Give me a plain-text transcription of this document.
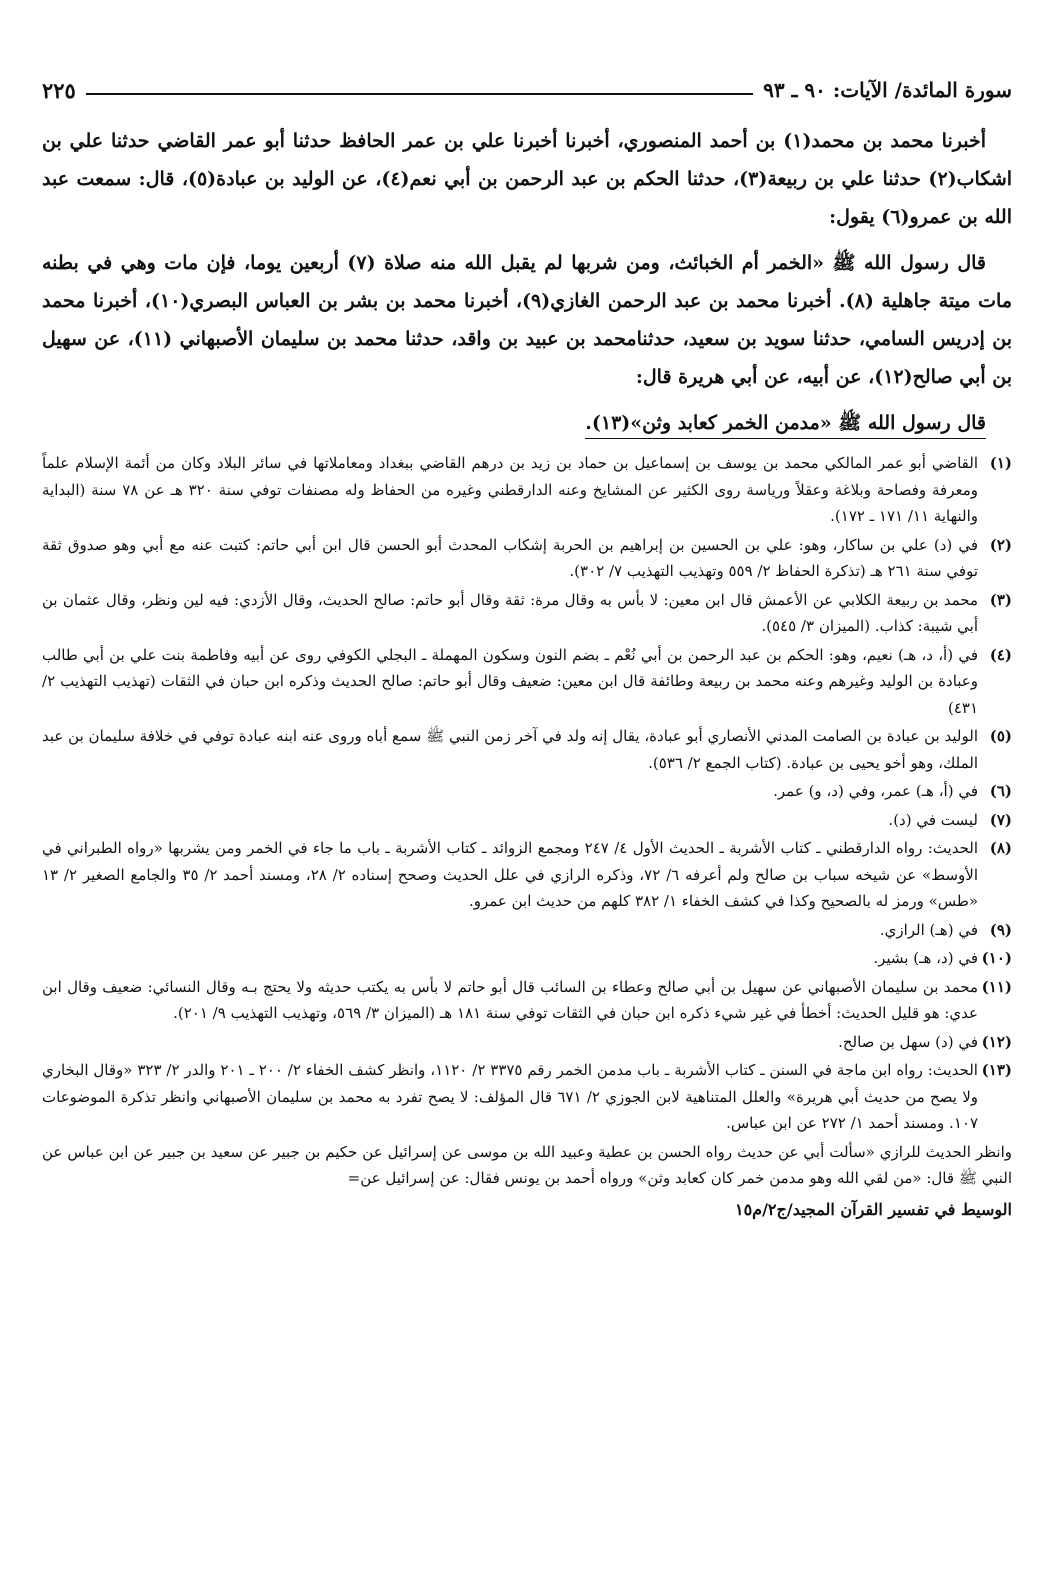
سورة المائدة/ الآيات: ٩٠ ـ ٩٣
٢٢٥

أخبرنا محمد بن محمد(١) بن أحمد المنصوري، أخبرنا أخبرنا علي بن عمر الحافظ حدثنا أبو عمر القاضي حدثنا علي بن اشكاب(٢) حدثنا علي بن ربيعة(٣)، حدثنا الحكم بن عبد الرحمن بن أبي نعم(٤)، عن الوليد بن عبادة(٥)، قال: سمعت عبد الله بن عمرو(٦) يقول:

قال رسول الله ﷺ «الخمر أم الخبائث، ومن شربها لم يقبل الله منه صلاة (٧) أربعين يوما، فإن مات وهي في بطنه مات ميتة جاهلية (٨). أخبرنا محمد بن عبد الرحمن الغازي(٩)، أخبرنا محمد بن بشر بن العباس البصري(١٠)، أخبرنا محمد بن إدريس السامي، حدثنا سويد بن سعيد، حدثنامحمد بن عبيد بن واقد، حدثنا محمد بن سليمان الأصبهاني (١١)، عن سهيل بن أبي صالح(١٢)، عن أبيه، عن أبي هريرة قال:

قال رسول الله ﷺ «مدمن الخمر كعابد وثن»(١٣).

(١)
القاضي أبو عمر المالكي محمد بن يوسف بن إسماعيل بن حماد بن زيد بن درهم القاضي ببغداد ومعاملاتها في سائر البلاد وكان من أئمة الإسلام علماً ومعرفة وفصاحة وبلاغة وعقلاً ورياسة روى الكثير عن المشايخ وعنه الدارقطني وغيره من الحفاظ وله مصنفات توفي سنة ٣٢٠ هـ عن ٧٨ سنة (البداية والنهاية ١١/ ١٧١ ـ ١٧٢).
(٢)
في (د) علي بن ساكار، وهو: علي بن الحسين بن إبراهيم بن الحربة إشكاب المحدث أبو الحسن قال ابن أبي حاتم: كتبت عنه مع أبي وهو صدوق ثقة توفي سنة ٢٦١ هـ (تذكرة الحفاظ ٢/ ٥٥٩ وتهذيب التهذيب ٧/ ٣٠٢).
(٣)
محمد بن ربيعة الكلابي عن الأعمش قال ابن معين: لا بأس به وقال مرة: ثقة وقال أبو حاتم: صالح الحديث، وقال الأزدي: فيه لين ونظر، وقال عثمان بن أبي شيبة: كذاب. (الميزان ٣/ ٥٤٥).
(٤)
في (أ، د، هـ) نعيم، وهو: الحكم بن عبد الرحمن بن أبي نُعْم ـ بضم النون وسكون المهملة ـ البجلي الكوفي روى عن أبيه وفاطمة بنت علي بن أبي طالب وعبادة بن الوليد وغيرهم وعنه محمد بن ربيعة وطائفة قال ابن معين: ضعيف وقال أبو حاتم: صالح الحديث وذكره ابن حبان في الثقات (تهذيب التهذيب ٢/ ٤٣١)
(٥)
الوليد بن عبادة بن الصامت المدني الأنصاري أبو عبادة، يقال إنه ولد في آخر زمن النبي ﷺ سمع أباه وروى عنه ابنه عبادة توفي في خلافة سليمان بن عبد الملك، وهو أخو يحيى بن عبادة. (كتاب الجمع ٢/ ٥٣٦).
(٦)
في (أ، هـ) عمر، وفي (د، و) عمر.
(٧)
ليست في (د).
(٨)
الحديث: رواه الدارقطني ـ كتاب الأشربة ـ الحديث الأول ٤/ ٢٤٧ ومجمع الزوائد ـ كتاب الأشربة ـ باب ما جاء في الخمر ومن يشربها «رواه الطبراني في الأوسط» عن شيخه سباب بن صالح ولم أعرفه ٦/ ٧٢، وذكره الرازي في علل الحديث وصحح إسناده ٢/ ٢٨، ومسند أحمد ٢/ ٣٥ والجامع الصغير ٢/ ١٣ «طس» ورمز له بالصحيح وكذا في كشف الخفاء ١/ ٣٨٢ كلهم من حديث ابن عمرو.
(٩)
في (هـ) الرازي.
(١٠)
في (د، هـ) بشير.
(١١)
محمد بن سليمان الأصبهاني عن سهيل بن أبي صالح وعطاء بن السائب قال أبو حاتم لا بأس به يكتب حديثه ولا يحتج بـه وقال النسائي: ضعيف وقال ابن عدي: هو قليل الحديث: أخطأ في غير شيء ذكره ابن حبان في الثقات توفي سنة ١٨١ هـ (الميزان ٣/ ٥٦٩، وتهذيب التهذيب ٩/ ٢٠١).
(١٢)
في (د) سهل بن صالح.
(١٣)
الحديث: رواه ابن ماجة في السنن ـ كتاب الأشربة ـ باب مدمن الخمر رقم ٣٣٧٥ ٢/ ١١٢٠، وانظر كشف الخفاء ٢/ ٢٠٠ ـ ٢٠١ والدر ٢/ ٣٢٣ «وقال البخاري ولا يصح من حديث أبي هريرة» والعلل المتناهية لابن الجوزي ٢/ ٦٧١ قال المؤلف: لا يصح تفرد به محمد بن سليمان الأصبهاني وانظر تذكرة الموضوعات ١٠٧. ومسند أحمد ١/ ٢٧٢ عن ابن عباس.
وانظر الحديث للرازي «سألت أبي عن حديث رواه الحسن بن عطية وعبيد الله بن موسى عن إسرائيل عن حكيم بن جبير عن سعيد بن جبير عن ابن عباس عن النبي ﷺ قال: «من لقي الله وهو مدمن خمر كان كعابد وثن» ورواه أحمد بن يونس فقال: عن إسرائيل عن=
الوسيط في تفسير القرآن المجيد/ج٢/م١٥
